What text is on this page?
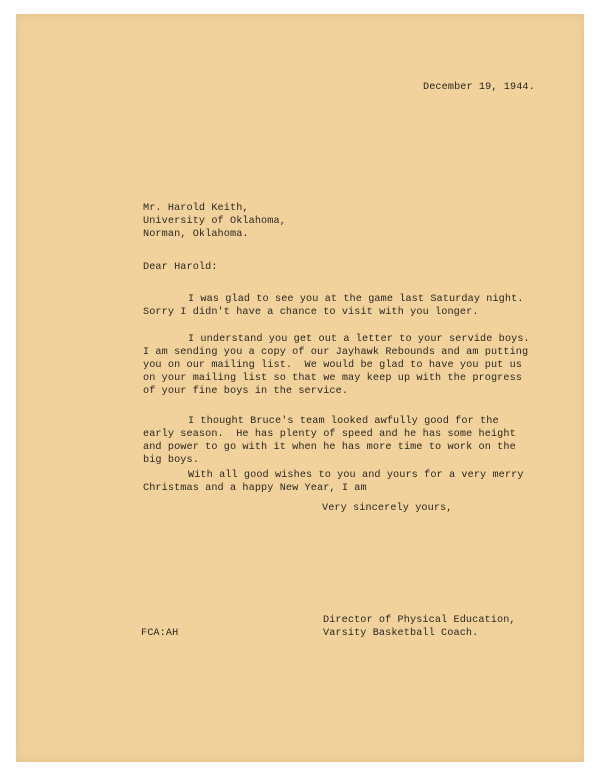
December 19, 1944.
Mr. Harold Keith,
University of Oklahoma,
Norman, Oklahoma.
Dear Harold:
I was glad to see you at the game last Saturday night.
Sorry I didn't have a chance to visit with you longer.
I understand you get out a letter to your servide boys.
I am sending you a copy of our Jayhawk Rebounds and am putting
you on our mailing list.  We would be glad to have you put us
on your mailing list so that we may keep up with the progress
of your fine boys in the service.
I thought Bruce's team looked awfully good for the
early season.  He has plenty of speed and he has some height
and power to go with it when he has more time to work on the
big boys.
With all good wishes to you and yours for a very merry
Christmas and a happy New Year, I am
Very sincerely yours,
Director of Physical Education,
FCA:AH	Varsity Basketball Coach.
